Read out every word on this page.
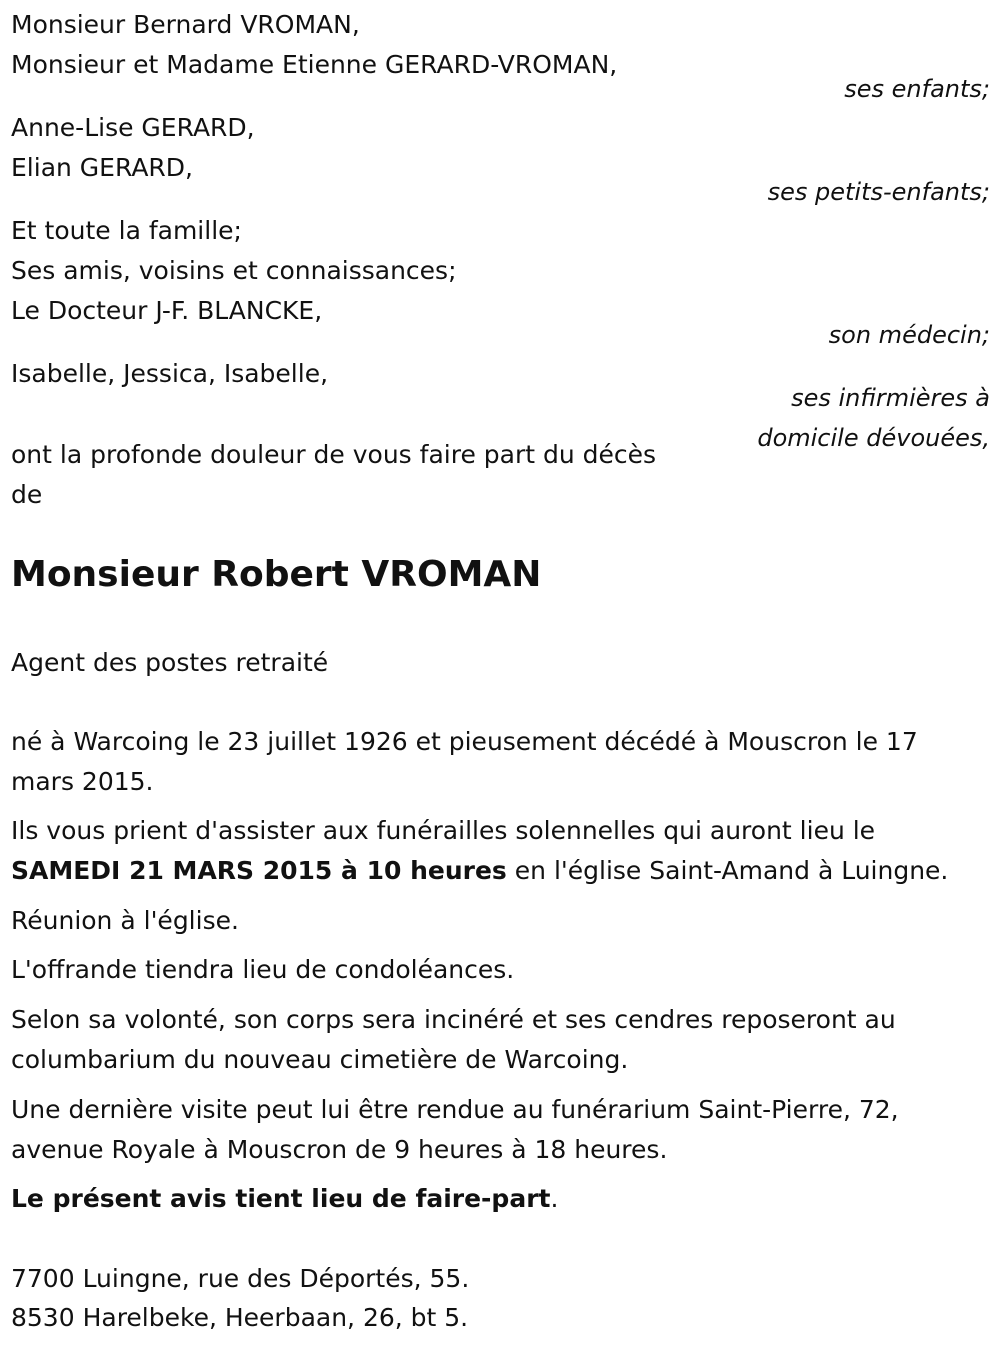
Monsieur Bernard VROMAN,
Monsieur et Madame Etienne GERARD-VROMAN,
ses enfants;
Anne-Lise GERARD,
Elian GERARD,
ses petits-enfants;
Et toute la famille;
Ses amis, voisins et connaissances;
Le Docteur J-F. BLANCKE,
son médecin;
Isabelle, Jessica, Isabelle,
ses infirmières à
domicile dévouées,
ont la profonde douleur de vous faire part du décès
de
Monsieur Robert VROMAN
Agent des postes retraité
né à Warcoing le 23 juillet 1926 et pieusement décédé à Mouscron le 17 mars 2015.
Ils vous prient d'assister aux funérailles solennelles qui auront lieu le
SAMEDI 21 MARS 2015 à 10 heures en l'église Saint-Amand à Luingne.
Réunion à l'église.
L'offrande tiendra lieu de condoléances.
Selon sa volonté, son corps sera incinéré et ses cendres reposeront au columbarium du nouveau cimetière de Warcoing.
Une dernière visite peut lui être rendue au funérarium Saint-Pierre, 72, avenue Royale à Mouscron de 9 heures à 18 heures.
Le présent avis tient lieu de faire-part.
7700 Luingne, rue des Déportés, 55.
8530 Harelbeke, Heerbaan, 26, bt 5.
